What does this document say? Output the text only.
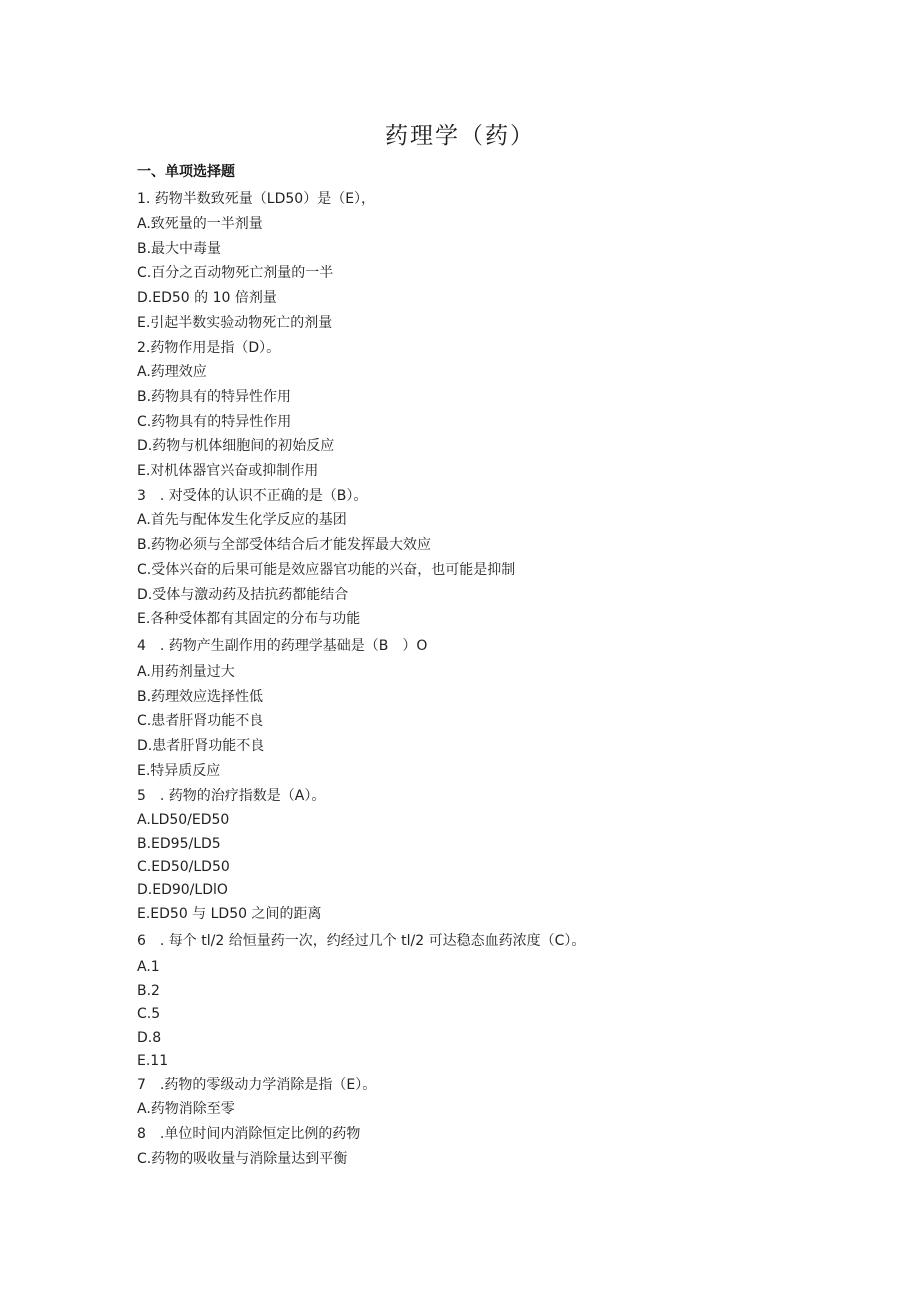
药理学（药）
一、单项选择题
1. 药物半数致死量（LD50）是（E），
A.致死量的一半剂量
B.最大中毒量
C.百分之百动物死亡剂量的一半
D.ED50 的 10 倍剂量
E.引起半数实验动物死亡的剂量
2.药物作用是指（D）。
A.药理效应
B.药物具有的特异性作用
C.药物具有的特异性作用
D.药物与机体细胞间的初始反应
E.对机体器官兴奋或抑制作用
3　. 对受体的认识不正确的是（B）。
A.首先与配体发生化学反应的基团
B.药物必须与全部受体结合后才能发挥最大效应
C.受体兴奋的后果可能是效应器官功能的兴奋，也可能是抑制
D.受体与激动药及拮抗药都能结合
E.各种受体都有其固定的分布与功能
4　. 药物产生副作用的药理学基础是（B　）O
A.用药剂量过大
B.药理效应选择性低
C.患者肝肾功能不良
D.患者肝肾功能不良
E.特异质反应
5　. 药物的治疗指数是（A）。
A.LD50/ED50
B.ED95/LD5
C.ED50/LD50
D.ED90/LDlO
E.ED50 与 LD50 之间的距离
6　. 每个 tl/2 给恒量药一次，约经过几个 tl/2 可达稳态血药浓度（C）。
A.1
B.2
C.5
D.8
E.11
7　.药物的零级动力学消除是指（E）。
A.药物消除至零
8　.单位时间内消除恒定比例的药物
C.药物的吸收量与消除量达到平衡
